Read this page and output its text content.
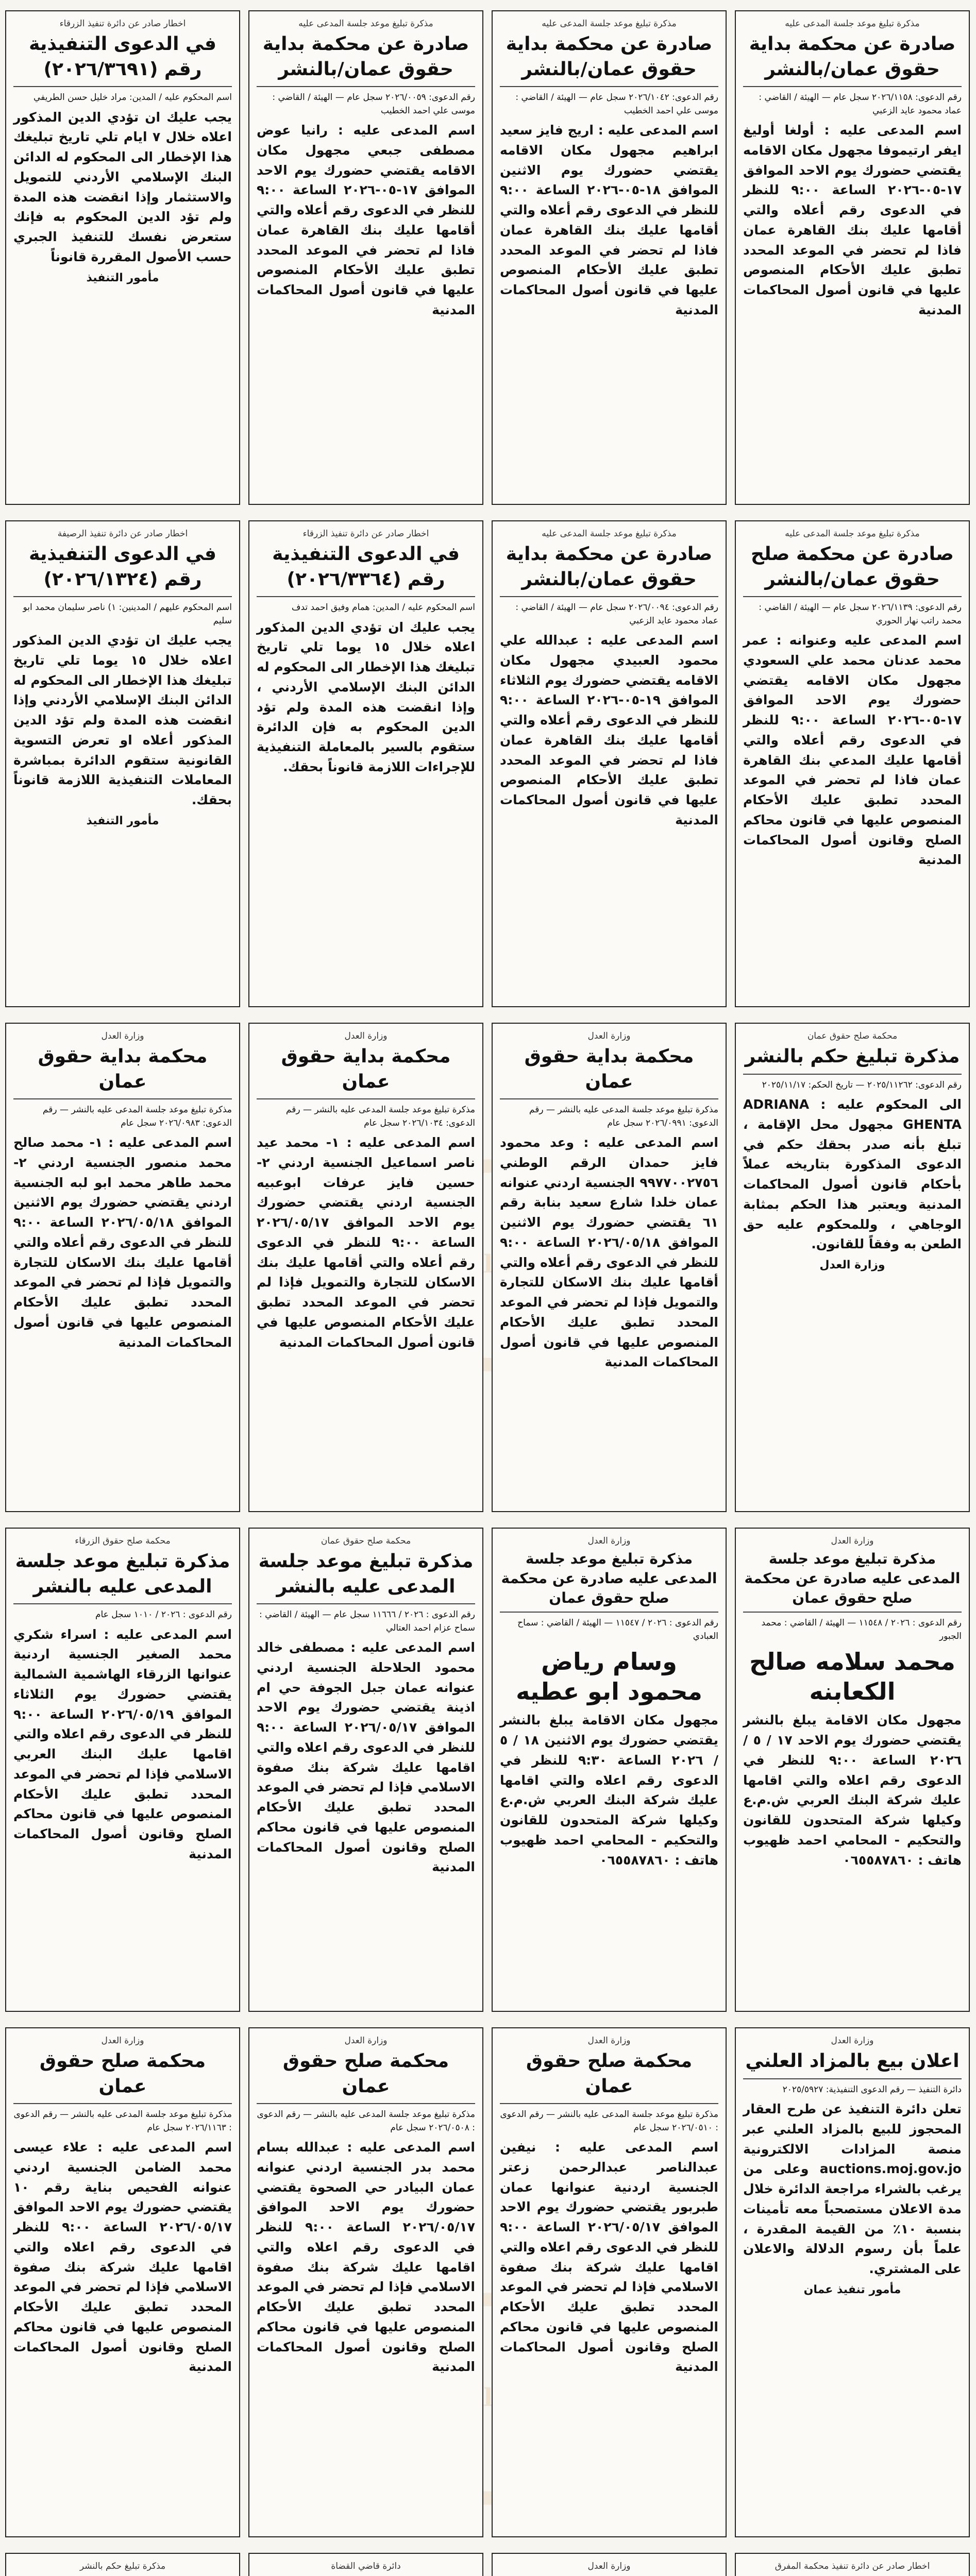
مذكرة تبليغ موعد جلسة المدعى عليه
صادرة عن محكمة بداية حقوق عمان/بالنشر
رقم الدعوى: ٢٠٢٦/١١٥٨ سجل عام — الهيئة / القاضي : عماد محمود عايد الزعبي
اسم المدعى عليه : أولغا أوليغ ايفر ارتيموفا مجهول مكان الاقامه يقتضي حضورك يوم الاحد الموافق ١٧-٠٥-٢٠٢٦ الساعة ٩:٠٠ للنظر في الدعوى رقم أعلاه والتي أقامها عليك بنك القاهرة عمان فاذا لم تحضر في الموعد المحدد تطبق عليك الأحكام المنصوص عليها في قانون أصول المحاكمات المدنية
مذكرة تبليغ موعد جلسة المدعى عليه
صادرة عن محكمة بداية حقوق عمان/بالنشر
رقم الدعوى: ٢٠٢٦/١٠٤٢ سجل عام — الهيئة / القاضي : موسى علي احمد الخطيب
اسم المدعى عليه : اريج فايز سعيد ابراهيم مجهول مكان الاقامه يقتضي حضورك يوم الاثنين الموافق ١٨-٠٥-٢٠٢٦ الساعة ٩:٠٠ للنظر في الدعوى رقم أعلاه والتي أقامها عليك بنك القاهرة عمان فاذا لم تحضر في الموعد المحدد تطبق عليك الأحكام المنصوص عليها في قانون أصول المحاكمات المدنية
مذكرة تبليغ موعد جلسة المدعى عليه
صادرة عن محكمة بداية حقوق عمان/بالنشر
رقم الدعوى: ٢٠٢٦/٠٠٥٩ سجل عام — الهيئة / القاضي : موسى علي احمد الخطيب
اسم المدعى عليه : رانيا عوض مصطفى جبعي مجهول مكان الاقامه يقتضي حضورك يوم الاحد الموافق ١٧-٠٥-٢٠٢٦ الساعة ٩:٠٠ للنظر في الدعوى رقم أعلاه والتي أقامها عليك بنك القاهرة عمان فاذا لم تحضر في الموعد المحدد تطبق عليك الأحكام المنصوص عليها في قانون أصول المحاكمات المدنية
اخطار صادر عن دائرة تنفيذ الزرقاء
في الدعوى التنفيذية رقم (٢٠٢٦/٣٦٩١)
اسم المحكوم عليه / المدين: مراد خليل حسن الطريفي
يجب عليك ان تؤدي الدين المذكور اعلاه خلال ٧ ايام تلي تاريخ تبليغك هذا الإخطار الى المحكوم له الدائن البنك الإسلامي الأردني للتمويل والاستثمار وإذا انقضت هذه المدة ولم تؤد الدين المحكوم به فإنك ستعرض نفسك للتنفيذ الجبري حسب الأصول المقررة قانوناً
مأمور التنفيذ
مذكرة تبليغ موعد جلسة المدعى عليه
صادرة عن محكمة صلح حقوق عمان/بالنشر
رقم الدعوى: ٢٠٢٦/١١٣٩ سجل عام — الهيئة / القاضي : محمد راتب نهار الحوري
اسم المدعى عليه وعنوانه : عمر محمد عدنان محمد علي السعودي مجهول مكان الاقامه يقتضي حضورك يوم الاحد الموافق ١٧-٠٥-٢٠٢٦ الساعة ٩:٠٠ للنظر في الدعوى رقم أعلاه والتي أقامها عليك المدعي بنك القاهرة عمان فاذا لم تحضر في الموعد المحدد تطبق عليك الأحكام المنصوص عليها في قانون محاكم الصلح وقانون أصول المحاكمات المدنية
مذكرة تبليغ موعد جلسة المدعى عليه
صادرة عن محكمة بداية حقوق عمان/بالنشر
رقم الدعوى: ٢٠٢٦/٠٠٩٤ سجل عام — الهيئة / القاضي : عماد محمود عايد الزعبي
اسم المدعى عليه : عبدالله علي محمود العبيدي مجهول مكان الاقامه يقتضي حضورك يوم الثلاثاء الموافق ١٩-٠٥-٢٠٢٦ الساعة ٩:٠٠ للنظر في الدعوى رقم أعلاه والتي أقامها عليك بنك القاهرة عمان فاذا لم تحضر في الموعد المحدد تطبق عليك الأحكام المنصوص عليها في قانون أصول المحاكمات المدنية
اخطار صادر عن دائرة تنفيذ الزرقاء
في الدعوى التنفيذية رقم (٢٠٢٦/٣٣٦٤)
اسم المحكوم عليه / المدين: همام وفيق احمد تدف
يجب عليك ان تؤدي الدين المذكور اعلاه خلال ١٥ يوما تلي تاريخ تبليغك هذا الإخطار الى المحكوم له الدائن البنك الإسلامي الأردني ، وإذا انقضت هذه المدة ولم تؤد الدين المحكوم به فإن الدائرة ستقوم بالسير بالمعاملة التنفيذية للإجراءات اللازمة قانوناً بحقك.
اخطار صادر عن دائرة تنفيذ الرصيفة
في الدعوى التنفيذية رقم (٢٠٢٦/١٣٢٤)
اسم المحكوم عليهم / المدينين: ١) ناصر سليمان محمد ابو سليم
يجب عليك ان تؤدي الدين المذكور اعلاه خلال ١٥ يوما تلي تاريخ تبليغك هذا الإخطار الى المحكوم له الدائن البنك الإسلامي الأردني وإذا انقضت هذه المدة ولم تؤد الدين المذكور أعلاه او تعرض التسوية القانونية ستقوم الدائرة بمباشرة المعاملات التنفيذية اللازمة قانوناً بحقك.
مأمور التنفيذ
محكمة صلح حقوق عمان
مذكرة تبليغ حكم بالنشر
رقم الدعوى: ٢٠٢٥/١١٢٦٢ — تاريخ الحكم: ٢٠٢٥/١١/١٧
الى المحكوم عليه : ADRIANA GHENTA مجهول محل الإقامة ، تبلغ بأنه صدر بحقك حكم في الدعوى المذكورة بتاريخه عملاً بأحكام قانون أصول المحاكمات المدنية ويعتبر هذا الحكم بمثابة الوجاهي ، وللمحكوم عليه حق الطعن به وفقاً للقانون.
وزارة العدل
وزارة العدل
محكمة بداية حقوق عمان
مذكرة تبليغ موعد جلسة المدعى عليه بالنشر — رقم الدعوى: ٢٠٢٦/٠٩٩١ سجل عام
اسم المدعى عليه : وعد محمود فايز حمدان الرقم الوطني ٩٩٧٧٠٠٢٧٥٦ الجنسية اردني عنوانه عمان خلدا شارع سعيد بنابة رقم ٦١ يقتضي حضورك يوم الاثنين الموافق ٢٠٢٦/٠٥/١٨ الساعة ٩:٠٠ للنظر في الدعوى رقم أعلاه والتي أقامها عليك بنك الاسكان للتجارة والتمويل فإذا لم تحضر في الموعد المحدد تطبق عليك الأحكام المنصوص عليها في قانون أصول المحاكمات المدنية
وزارة العدل
محكمة بداية حقوق عمان
مذكرة تبليغ موعد جلسة المدعى عليه بالنشر — رقم الدعوى: ٢٠٢٦/١٠٣٤ سجل عام
اسم المدعى عليه : ١- محمد عيد ناصر اسماعيل الجنسية اردني ٢- حسين فايز عرفات ابوعبيه الجنسية اردني يقتضي حضورك يوم الاحد الموافق ٢٠٢٦/٠٥/١٧ الساعة ٩:٠٠ للنظر في الدعوى رقم أعلاه والتي أقامها عليك بنك الاسكان للتجارة والتمويل فإذا لم تحضر في الموعد المحدد تطبق عليك الأحكام المنصوص عليها في قانون أصول المحاكمات المدنية
وزارة العدل
محكمة بداية حقوق عمان
مذكرة تبليغ موعد جلسة المدعى عليه بالنشر — رقم الدعوى: ٢٠٢٦/٠٩٨٣ سجل عام
اسم المدعى عليه : ١- محمد صالح محمد منصور الجنسية اردني ٢- محمد طاهر محمد ابو لبه الجنسية اردني يقتضي حضورك يوم الاثنين الموافق ٢٠٢٦/٠٥/١٨ الساعة ٩:٠٠ للنظر في الدعوى رقم أعلاه والتي أقامها عليك بنك الاسكان للتجارة والتمويل فإذا لم تحضر في الموعد المحدد تطبق عليك الأحكام المنصوص عليها في قانون أصول المحاكمات المدنية
وزارة العدل
مذكرة تبليغ موعد جلسة المدعى عليه صادرة عن محكمة صلح حقوق عمان
رقم الدعوى : ٢٠٢٦ / ١١٥٤٨ — الهيئة / القاضي : محمد الجبور
محمد سلامه صالح الكعابنه
مجهول مكان الاقامة يبلغ بالنشر يقتضي حضورك يوم الاحد ١٧ / ٥ / ٢٠٢٦ الساعة ٩:٠٠ للنظر في الدعوى رقم اعلاه والتي اقامها عليك شركة البنك العربي ش.م.ع وكيلها شركة المتحدون للقانون والتحكيم - المحامي احمد ظهيوب هاتف : ٠٦٥٥٨٧٨٦٠
وزارة العدل
مذكرة تبليغ موعد جلسة المدعى عليه صادرة عن محكمة صلح حقوق عمان
رقم الدعوى : ٢٠٢٦ / ١١٥٤٧ — الهيئة / القاضي : سماح العبادي
وسام رياض محمود ابو عطيه
مجهول مكان الاقامة يبلغ بالنشر يقتضي حضورك يوم الاثنين ١٨ / ٥ / ٢٠٢٦ الساعة ٩:٣٠ للنظر في الدعوى رقم اعلاه والتي اقامها عليك شركة البنك العربي ش.م.ع وكيلها شركة المتحدون للقانون والتحكيم - المحامي احمد ظهيوب هاتف : ٠٦٥٥٨٧٨٦٠
محكمة صلح حقوق عمان
مذكرة تبليغ موعد جلسة المدعى عليه بالنشر
رقم الدعوى : ٢٠٢٦ / ١١٦٦٦ سجل عام — الهيئة / القاضي : سماح عزام احمد العتالي
اسم المدعى عليه : مصطفى خالد محمود الحلاحلة الجنسية اردني عنوانه عمان جبل الجوفة حي ام اذينة يقتضي حضورك يوم الاحد الموافق ٢٠٢٦/٠٥/١٧ الساعة ٩:٠٠ للنظر في الدعوى رقم اعلاه والتي اقامها عليك شركة بنك صفوة الاسلامي فإذا لم تحضر في الموعد المحدد تطبق عليك الأحكام المنصوص عليها في قانون محاكم الصلح وقانون أصول المحاكمات المدنية
محكمة صلح حقوق الزرقاء
مذكرة تبليغ موعد جلسة المدعى عليه بالنشر
رقم الدعوى : ٢٠٢٦ / ١٠١٠ سجل عام
اسم المدعى عليه : اسراء شكري محمد الصغير الجنسية اردنية عنوانها الزرقاء الهاشمية الشمالية يقتضي حضورك يوم الثلاثاء الموافق ٢٠٢٦/٠٥/١٩ الساعة ٩:٠٠ للنظر في الدعوى رقم اعلاه والتي اقامها عليك البنك العربي الاسلامي فإذا لم تحضر في الموعد المحدد تطبق عليك الأحكام المنصوص عليها في قانون محاكم الصلح وقانون أصول المحاكمات المدنية
وزارة العدل
اعلان بيع بالمزاد العلني
دائرة التنفيذ — رقم الدعوى التنفيذية: ٢٠٢٥/٥٩٢٧
تعلن دائرة التنفيذ عن طرح العقار المحجوز للبيع بالمزاد العلني عبر منصة المزادات الالكترونية auctions.moj.gov.jo وعلى من يرغب بالشراء مراجعة الدائرة خلال مدة الاعلان مستصحباً معه تأمينات بنسبة ١٠٪ من القيمة المقدرة ، علماً بأن رسوم الدلالة والاعلان على المشتري.
مأمور تنفيذ عمان
وزارة العدل
محكمة صلح حقوق عمان
مذكرة تبليغ موعد جلسة المدعى عليه بالنشر — رقم الدعوى : ٢٠٢٦/٠٥١٠ سجل عام
اسم المدعى عليه : نيفين عبدالناصر عبدالرحمن زعتر الجنسية اردنية عنوانها عمان طبربور يقتضي حضورك يوم الاحد الموافق ٢٠٢٦/٠٥/١٧ الساعة ٩:٠٠ للنظر في الدعوى رقم اعلاه والتي اقامها عليك شركة بنك صفوة الاسلامي فإذا لم تحضر في الموعد المحدد تطبق عليك الأحكام المنصوص عليها في قانون محاكم الصلح وقانون أصول المحاكمات المدنية
وزارة العدل
محكمة صلح حقوق عمان
مذكرة تبليغ موعد جلسة المدعى عليه بالنشر — رقم الدعوى : ٢٠٢٦/٠٥٠٨ سجل عام
اسم المدعى عليه : عبدالله بسام محمد بدر الجنسية اردني عنوانه عمان البيادر حي الصحوة يقتضي حضورك يوم الاحد الموافق ٢٠٢٦/٠٥/١٧ الساعة ٩:٠٠ للنظر في الدعوى رقم اعلاه والتي اقامها عليك شركة بنك صفوة الاسلامي فإذا لم تحضر في الموعد المحدد تطبق عليك الأحكام المنصوص عليها في قانون محاكم الصلح وقانون أصول المحاكمات المدنية
وزارة العدل
محكمة صلح حقوق عمان
مذكرة تبليغ موعد جلسة المدعى عليه بالنشر — رقم الدعوى : ٢٠٢٦/١١٦٣ سجل عام
اسم المدعى عليه : علاء عيسى محمد الضامن الجنسية اردني عنوانه الفحيص بناية رقم ١٠ يقتضي حضورك يوم الاحد الموافق ٢٠٢٦/٠٥/١٧ الساعة ٩:٠٠ للنظر في الدعوى رقم اعلاه والتي اقامها عليك شركة بنك صفوة الاسلامي فإذا لم تحضر في الموعد المحدد تطبق عليك الأحكام المنصوص عليها في قانون محاكم الصلح وقانون أصول المحاكمات المدنية
اخطار صادر عن دائرة تنفيذ محكمة المفرق
وزارة العدل
دائرة قاضي القضاة
مذكرة تبليغ حكم بالنشر
